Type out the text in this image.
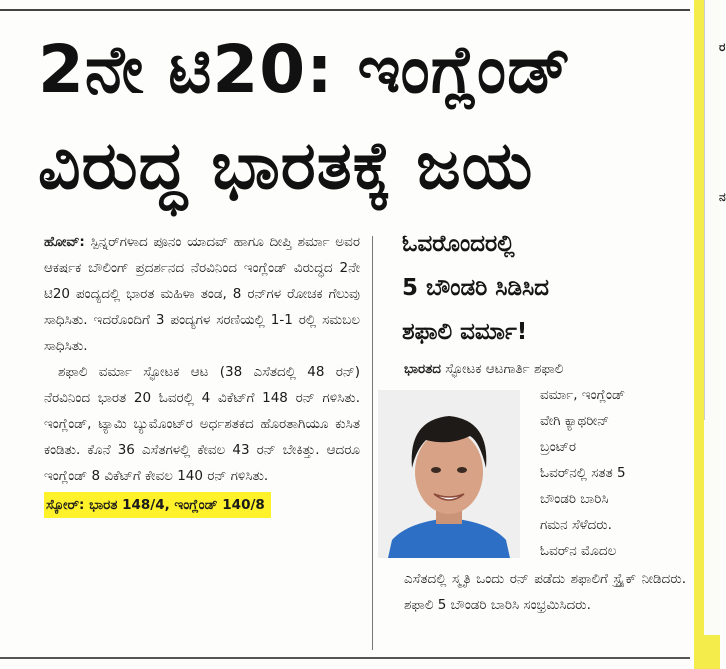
ರ
ನ
2ನೇ ಟಿ20: ಇಂಗ್ಲೆಂಡ್
ವಿರುದ್ಧ ಭಾರತಕ್ಕೆ ಜಯ

ಹೋವ್: ಸ್ಪಿನ್ನರ್‌ಗಳಾದ ಪೂನಂ ಯಾದವ್ ಹಾಗೂ ದೀಪ್ತಿ ಶರ್ಮಾ ಅವರ ಆಕರ್ಷಕ ಬೌಲಿಂಗ್ ಪ್ರದರ್ಶನದ ನೆರವಿನಿಂದ ಇಂಗ್ಲೆಂಡ್ ವಿರುದ್ಧದ 2ನೇ ಟಿ20 ಪಂದ್ಯದಲ್ಲಿ ಭಾರತ ಮಹಿಳಾ ತಂಡ, 8 ರನ್‌ಗಳ ರೋಚಕ ಗೆಲುವು ಸಾಧಿಸಿತು. ಇದರೊಂದಿಗೆ 3 ಪಂದ್ಯಗಳ ಸರಣಿಯಲ್ಲಿ 1-1 ರಲ್ಲಿ ಸಮಬಲ ಸಾಧಿಸಿತು.

ಶಫಾಲಿ ವರ್ಮಾ ಸ್ಫೋಟಕ ಆಟ (38 ಎಸೆತದಲ್ಲಿ 48 ರನ್) ನೆರವಿನಿಂದ ಭಾರತ 20 ಓವರಲ್ಲಿ 4 ವಿಕೆಟ್‌ಗೆ 148 ರನ್ ಗಳಿಸಿತು. ಇಂಗ್ಲೆಂಡ್, ಟ್ಯಾಮಿ ಬ್ಯುಮೊಂಟ್‌ರ ಅರ್ಧಶತಕದ ಹೊರತಾಗಿಯೂ ಕುಸಿತ ಕಂಡಿತು. ಕೊನೆ 36 ಎಸೆತಗಳಲ್ಲಿ ಕೇವಲ 43 ರನ್ ಬೇಕಿತ್ತು. ಆದರೂ ಇಂಗ್ಲೆಂಡ್ 8 ವಿಕೆಟ್‌ಗೆ ಕೇವಲ 140 ರನ್ ಗಳಿಸಿತು.

ಸ್ಕೋರ್: ಭಾರತ 148/4, ಇಂಗ್ಲೆಂಡ್ 140/8
ಓವರೊಂದರಲ್ಲಿ
5 ಬೌಂಡರಿ ಸಿಡಿಸಿದ
ಶಫಾಲಿ ವರ್ಮಾ!
ಭಾರತದ ಸ್ಫೋಟಕ ಆಟಗಾರ್ತಿ ಶಫಾಲಿ
ವರ್ಮಾ, ಇಂಗ್ಲೆಂಡ್
ವೇಗಿ ಕ್ಯಾಥರೀನ್
ಬ್ರಂಟ್‌ರ
ಓವರ್‌ನಲ್ಲಿ ಸತತ 5
ಬೌಂಡರಿ ಬಾರಿಸಿ
ಗಮನ ಸೆಳೆದರು.
ಓವರ್‌ನ ಮೊದಲ
ಎಸೆತದಲ್ಲಿ ಸ್ಮೃತಿ ಒಂದು ರನ್ ಪಡೆದು ಶಫಾಲಿಗೆ ಸ್ಟ್ರೈಕ್ ನೀಡಿದರು. ಶಫಾಲಿ 5 ಬೌಂಡರಿ ಬಾರಿಸಿ ಸಂಭ್ರಮಿಸಿದರು.
